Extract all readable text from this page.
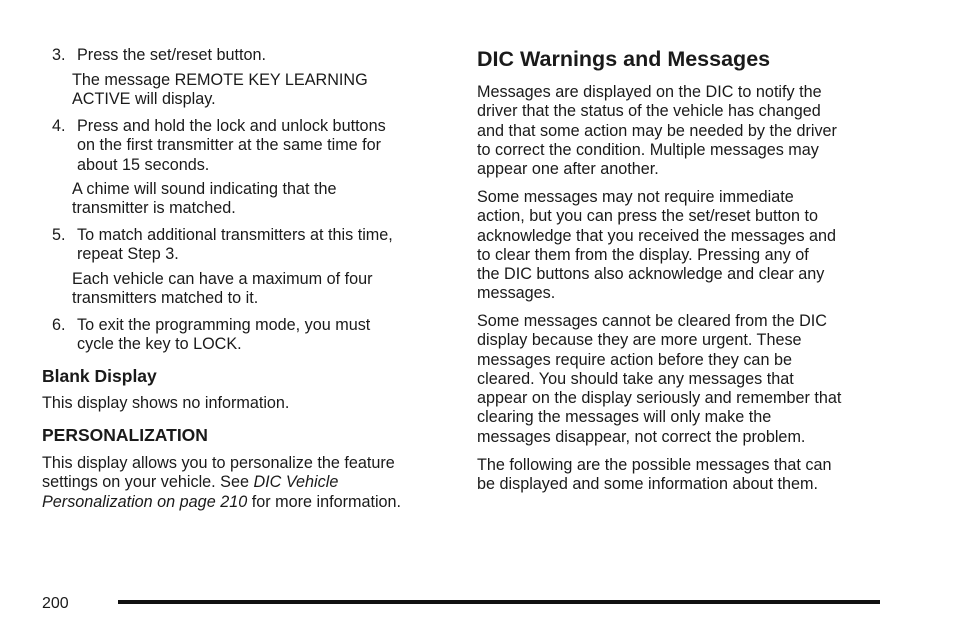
3. Press the set/reset button.
The message REMOTE KEY LEARNING
ACTIVE will display.
4. Press and hold the lock and unlock buttons
on the first transmitter at the same time for
about 15 seconds.
A chime will sound indicating that the
transmitter is matched.
5. To match additional transmitters at this time,
repeat Step 3.
Each vehicle can have a maximum of four
transmitters matched to it.
6. To exit the programming mode, you must
cycle the key to LOCK.
Blank Display

This display shows no information.

PERSONALIZATION
This display allows you to personalize the feature
settings on your vehicle. See DIC Vehicle
Personalization on page 210 for more information.
DIC Warnings and Messages
Messages are displayed on the DIC to notify the
driver that the status of the vehicle has changed
and that some action may be needed by the driver
to correct the condition. Multiple messages may
appear one after another.
Some messages may not require immediate
action, but you can press the set/reset button to
acknowledge that you received the messages and
to clear them from the display. Pressing any of
the DIC buttons also acknowledge and clear any
messages.
Some messages cannot be cleared from the DIC
display because they are more urgent. These
messages require action before they can be
cleared. You should take any messages that
appear on the display seriously and remember that
clearing the messages will only make the
messages disappear, not correct the problem.
The following are the possible messages that can
be displayed and some information about them.
200
